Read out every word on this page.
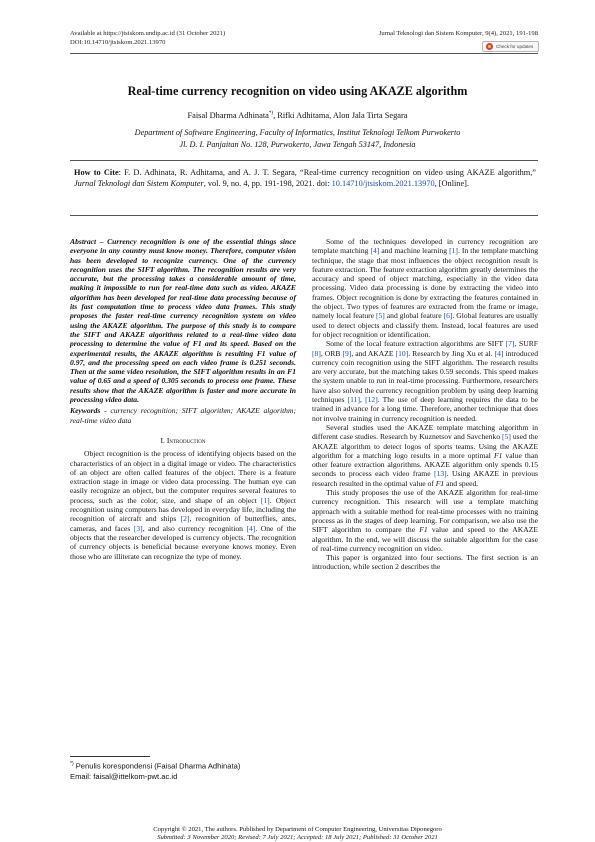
Available at https://jtsiskom.undip.ac.id (31 October 2021)
DOI:10.14710/jtsiskom.2021.13970
Jurnal Teknologi dan Sistem Komputer, 9(4), 2021, 191-198
Check for updates
Real-time currency recognition on video using AKAZE algorithm
Faisal Dharma Adhinata*), Rifki Adhitama, Alon Jala Tirta Segara
Department of Software Engineering, Faculty of Informatics, Institut Teknologi Telkom Purwokerto
Jl. D. I. Panjaitan No. 128, Purwokerto, Jawa Tengah 53147, Indonesia
How to Cite: F. D. Adhinata, R. Adhitama, and A. J. T. Segara, “Real-time currency recognition on video using AKAZE algorithm,” Jurnal Teknologi dan Sistem Komputer, vol. 9, no. 4, pp. 191-198, 2021. doi: 10.14710/jtsiskom.2021.13970, [Online].

Abstract – Currency recognition is one of the essential things since everyone in any country must know money. Therefore, computer vision has been developed to recognize currency. One of the currency recognition uses the SIFT algorithm. The recognition results are very accurate, but the processing takes a considerable amount of time, making it impossible to run for real-time data such as video. AKAZE algorithm has been developed for real-time data processing because of its fast computation time to process video data frames. This study proposes the faster real-time currency recognition system on video using the AKAZE algorithm. The purpose of this study is to compare the SIFT and AKAZE algorithms related to a real-time video data processing to determine the value of F1 and its speed. Based on the experimental results, the AKAZE algorithm is resulting F1 value of 0.97, and the processing speed on each video frame is 0.251 seconds. Then at the same video resolution, the SIFT algorithm results in an F1 value of 0.65 and a speed of 0.305 seconds to process one frame. These results show that the AKAZE algorithm is faster and more accurate in processing video data.

Keywords - currency recognition; SIFT algorithm; AKAZE algorithm; real-time video data

I. Introduction

Object recognition is the process of identifying objects based on the characteristics of an object in a digital image or video. The characteristics of an object are often called features of the object. There is a feature extraction stage in image or video data processing. The human eye can easily recognize an object, but the computer requires several features to process, such as the color, size, and shape of an object [1]. Object recognition using computers has developed in everyday life, including the recognition of aircraft and ships [2], recognition of butterflies, ants, cameras, and faces [3], and also currency recognition [4]. One of the objects that the researcher developed is currency objects. The recognition of currency objects is beneficial because everyone knows money. Even those who are illiterate can recognize the type of money.

Some of the techniques developed in currency recognition are template matching [4] and machine learning [1]. In the template matching technique, the stage that most influences the object recognition result is feature extraction. The feature extraction algorithm greatly determines the accuracy and speed of object matching, especially in the video data processing. Video data processing is done by extracting the video into frames. Object recognition is done by extracting the features contained in the object. Two types of features are extracted from the frame or image, namely local feature [5] and global feature [6]. Global features are usually used to detect objects and classify them. Instead, local features are used for object recognition or identification.

Some of the local feature extraction algorithms are SIFT [7], SURF [8], ORB [9], and AKAZE [10]. Research by Jing Xu et al. [4] introduced currency coin recognition using the SIFT algorithm. The research results are very accurate, but the matching takes 0.59 seconds. This speed makes the system unable to run in real-time processing. Furthermore, researchers have also solved the currency recognition problem by using deep learning techniques [11], [12]. The use of deep learning requires the data to be trained in advance for a long time. Therefore, another technique that does not involve training in currency recognition is needed.

Several studies used the AKAZE template matching algorithm in different case studies. Research by Kuznetsov and Savchenko [5] used the AKAZE algorithm to detect logos of sports teams. Using the AKAZE algorithm for a matching logo results in a more optimal F1 value than other feature extraction algorithms. AKAZE algorithm only spends 0.15 seconds to process each video frame [13]. Using AKAZE in previous research resulted in the optimal value of F1 and speed.

This study proposes the use of the AKAZE algorithm for real-time currency recognition. This research will use a template matching approach with a suitable method for real-time processes with no training process as in the stages of deep learning. For comparison, we also use the SIFT algorithm to compare the F1 value and speed to the AKAZE algorithm. In the end, we will discuss the suitable algorithm for the case of real-time currency recognition on video.

This paper is organized into four sections. The first section is an introduction, while section 2 describes the

*) Penulis korespondensi (Faisal Dharma Adhinata)
Email: faisal@ittelkom-pwt.ac.id
Copyright © 2021, The authors. Published by Department of Computer Engineering, Universitas Diponegoro
Submitted: 3 November 2020; Revised: 7 July 2021; Accepted: 18 July 2021; Published: 31 October 2021
